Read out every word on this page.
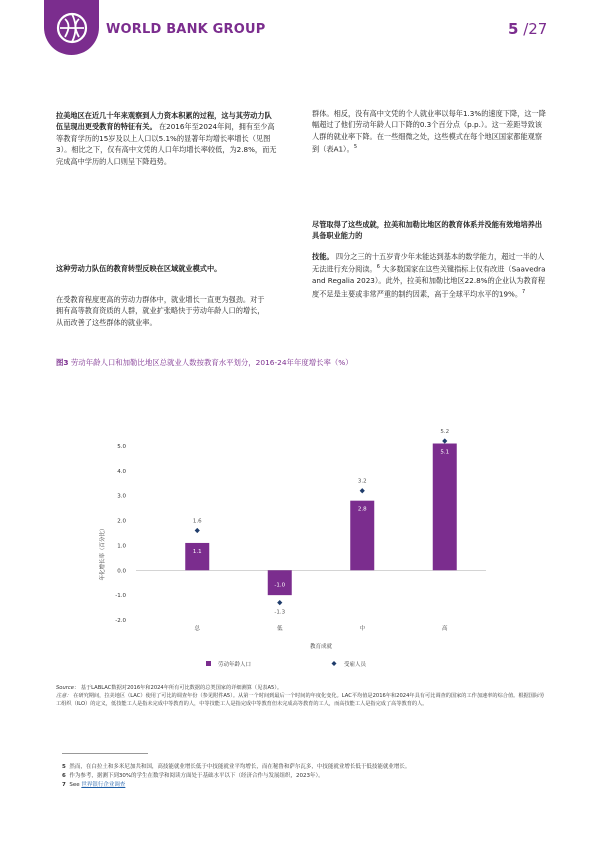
WORLD BANK GROUP	5 /27

拉美地区在近几十年来观察到人力资本积累的过程，这与其劳动力队伍呈现出更受教育的特征有关。 在2016年至2024年间，拥有至少高等教育学历的15岁及以上人口以5.1%的显著年均增长率增长（见图3）。相比之下，仅有高中文凭的人口年均增长率较低，为2.8%，而无完成高中学历的人口则呈下降趋势。

这种劳动力队伍的教育转型反映在区域就业模式中。

在受教育程度更高的劳动力群体中，就业增长一直更为强劲。对于拥有高等教育资质的人群，就业扩张略快于劳动年龄人口的增长，从而改善了这些群体的就业率。

群体。相反，没有高中文凭的个人就业率以每年1.3%的速度下降，这一降幅超过了他们劳动年龄人口下降的0.3个百分点（p.p.）。这一差距导致该人群的就业率下降。在一些细微之处，这些模式在每个地区国家都能观察到（表A1）。$^5$

尽管取得了这些成就，拉美和加勒比地区的教育体系并没能有效地培养出具备职业能力的

技能。 四分之三的十五岁青少年未能达到基本的数学能力，超过一半的人无法进行充分阅读。$^6$ 大多数国家在这些关键指标上仅有改进（Saavedra and Regalia 2023）。此外，拉美和加勒比地区22.8%的企业认为教育程度不足是主要或非常严重的制约因素，高于全球平均水平的19%。$^7$

图3 劳动年龄人口和加勒比地区总就业人数按教育水平划分，2016-24年年度增长率（%）
5.0
4.0
3.0
2.0
1.0
0.0
-1.0
-2.0
1.1
-1.0
2.8
5.1
1.6
-1.3
3.2
5.2
总	低	中	高
年化增长率（百分比）
教育成就
劳动年龄人口	受雇人员
Source： 基于LABLAC数据对2016年和2024年所有可比数据的总类国家的详细测算（见表A5）。
注意： 在研究期间，拉美地区（LAC）使用了可比的调查年份（参见附件A5）。从第一个时间到最后一个时间的年度化变化。LAC平均值是2016年和2024年具有可比调查的国家的工作加速率的综合值。根据国际劳工组织（ILO）的定义，低技能工人是指未完成中等教育的人，中等技能工人是指完成中等教育但未完成高等教育的工人，而高技能工人是指完成了高等教育的人。
5 然而，在白拉土和多米尼加共和国，高技能就业增长低于中技能就业平均增长，而在秘鲁和萨尔瓦多，中技能就业增长低于低技能就业增长。
6 作为参考，据测下到30%的学生在数学和阅读方面处于基础水平以下（经济合作与发展组织，2023年）。
7 See 世界银行企业调查
